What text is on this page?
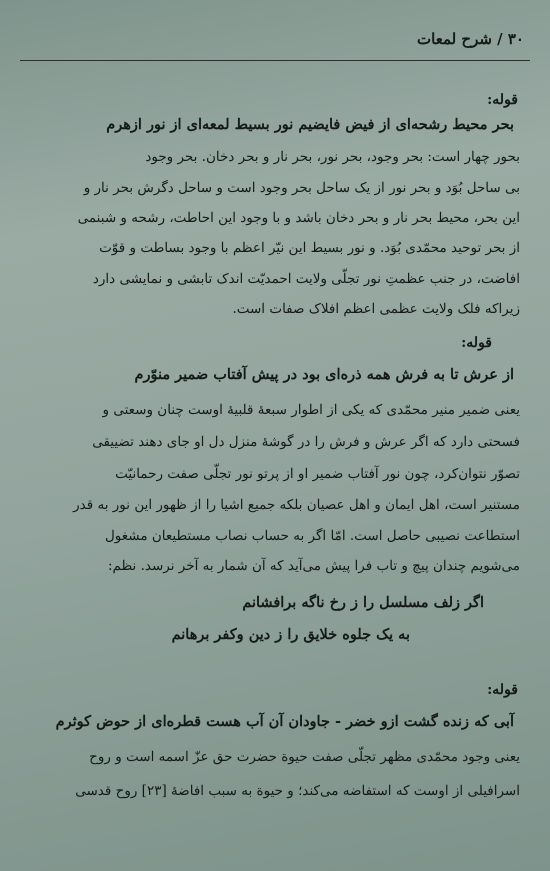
۳۰ / شرح لمعات
قوله:
بحر محیط رشحه‌ای از فیض فایضیم نور بسیط لمعه‌ای از نور ازهرم
بحور چهار است: بحر وجود، بحر نور، بحر نار و بحر دخان. بحر وجود
بی ساحل بُوَد و بحر نور از یک ساحل بحر وجود است و ساحل دگرش بحر نار و
این بحر، محیط بحر نار و بحر دخان باشد و با وجود این احاطت، رشحه و شبنمی
از بحر توحید محمّدی بُوَد. و نور بسیط این نیّر اعظم با وجود بساطت و قوّت
افاضت، در جنب عظمتِ نور تجلّی ولایت احمدیّت اندک تابشی و نمایشی دارد
زیراکه فلک ولایت عظمی اعظم افلاک صفات است.
قوله:
از عرش تا به فرش همه ذره‌ای بود در پیش آفتاب ضمیر منوّرم
یعنی ضمیر منیر محمّدی که یکی از اطوار سبعهٔ قلبیهٔ اوست چنان وسعتی و
فسحتی دارد که اگر عرش و فرش را در گوشهٔ منزل دل او جای دهند تضییقی
تصوّر نتوان‌کرد، چون نور آفتاب ضمیر او از پرتو نور تجلّی صفت رحمانیّت
مستنیر است، اهل ایمان و اهل عصیان بلکه جمیع اشیا را از ظهور این نور به قدر
استطاعت نصیبی حاصل است. امّا اگر به حساب نصاب مستطیعان مشغول
می‌شویم چندان پیچ و تاب فرا پیش می‌آید که آن شمار به آخر نرسد. نظم:
اگر زلف مسلسل را ز رخ ناگه برافشانم
به یک جلوه خلایق را ز دین وکفر برهانم
قوله:
آبی که زنده گشت ازو خضر - جاودان آن آب هست قطره‌ای از حوض کوثرم
یعنی وجود محمّدی مظهر تجلّی صفت حیوة حضرت حق عزّ اسمه است و روح
اسرافیلی از اوست که استفاضه می‌کند؛ و حیوة به سبب افاضهٔ [۲۳] روح قدسی
